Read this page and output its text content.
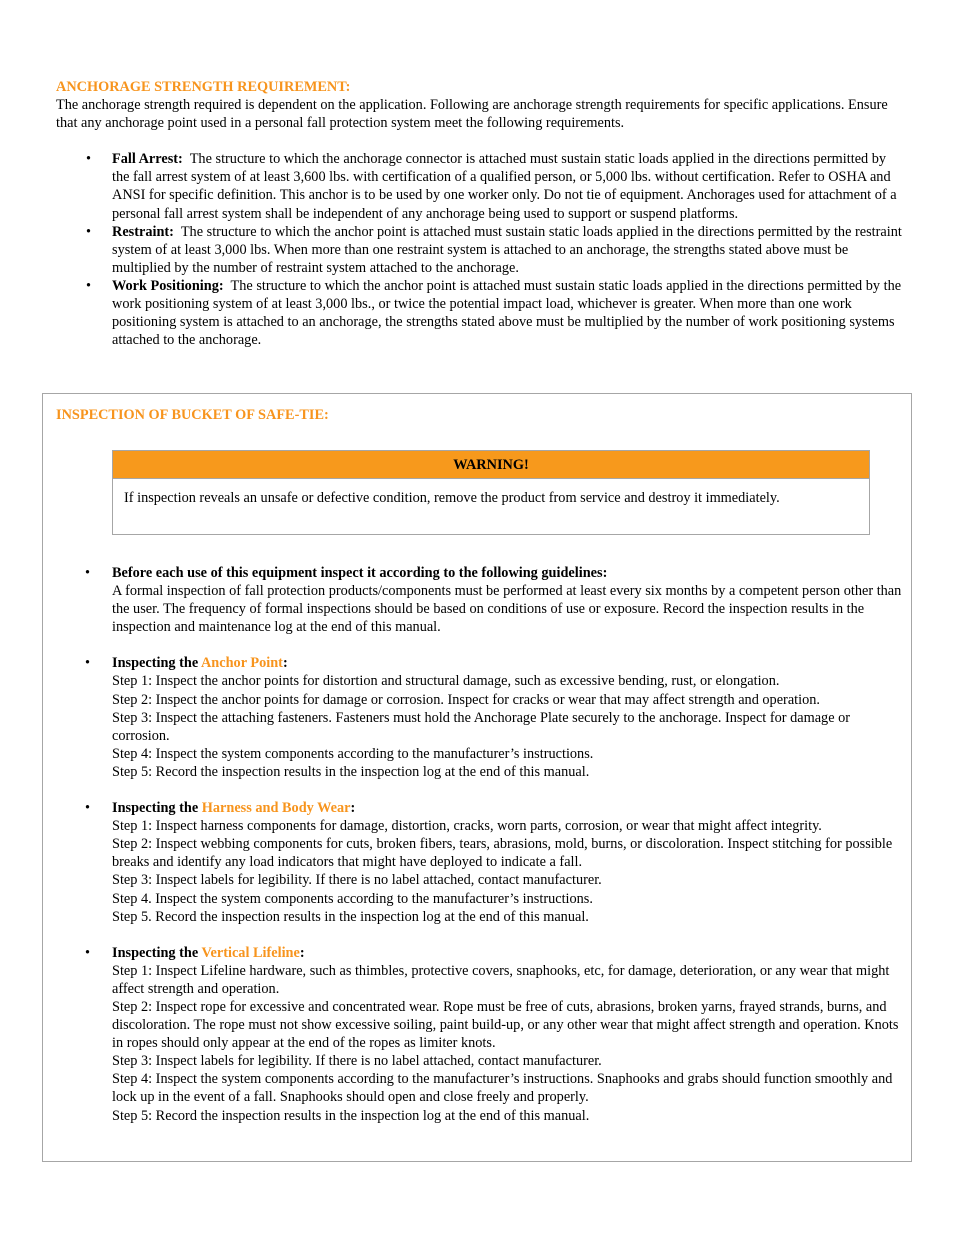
ANCHORAGE STRENGTH REQUIREMENT:

The anchorage strength required is dependent on the application. Following are anchorage strength requirements for specific applications. Ensure that any anchorage point used in a personal fall protection system meet the following requirements.

• Fall Arrest: The structure to which the anchorage connector is attached must sustain static loads applied in the directions permitted by the fall arrest system of at least 3,600 lbs. with certification of a qualified person, or 5,000 lbs. without certification. Refer to OSHA and ANSI for specific definition. This anchor is to be used by one worker only. Do not tie of equipment. Anchorages used for attachment of a personal fall arrest system shall be independent of any anchorage being used to support or suspend platforms.
• Restraint: The structure to which the anchor point is attached must sustain static loads applied in the directions permitted by the restraint system of at least 3,000 lbs. When more than one restraint system is attached to an anchorage, the strengths stated above must be multiplied by the number of restraint system attached to the anchorage.
• Work Positioning: The structure to which the anchor point is attached must sustain static loads applied in the directions permitted by the work positioning system of at least 3,000 lbs., or twice the potential impact load, whichever is greater. When more than one work positioning system is attached to an anchorage, the strengths stated above must be multiplied by the number of work positioning systems attached to the anchorage.

INSPECTION OF BUCKET OF SAFE-TIE:

WARNING!
If inspection reveals an unsafe or defective condition, remove the product from service and destroy it immediately.
• Before each use of this equipment inspect it according to the following guidelines:

A formal inspection of fall protection products/components must be performed at least every six months by a competent person other than the user. The frequency of formal inspections should be based on conditions of use or exposure. Record the inspection results in the inspection and maintenance log at the end of this manual.

• Inspecting the Anchor Point:

Step 1: Inspect the anchor points for distortion and structural damage, such as excessive bending, rust, or elongation.

Step 2: Inspect the anchor points for damage or corrosion. Inspect for cracks or wear that may affect strength and operation.

Step 3: Inspect the attaching fasteners. Fasteners must hold the Anchorage Plate securely to the anchorage. Inspect for damage or corrosion.

Step 4: Inspect the system components according to the manufacturer’s instructions.

Step 5: Record the inspection results in the inspection log at the end of this manual.

• Inspecting the Harness and Body Wear:

Step 1: Inspect harness components for damage, distortion, cracks, worn parts, corrosion, or wear that might affect integrity.

Step 2: Inspect webbing components for cuts, broken fibers, tears, abrasions, mold, burns, or discoloration. Inspect stitching for possible breaks and identify any load indicators that might have deployed to indicate a fall.

Step 3: Inspect labels for legibility. If there is no label attached, contact manufacturer.

Step 4. Inspect the system components according to the manufacturer’s instructions.

Step 5. Record the inspection results in the inspection log at the end of this manual.

• Inspecting the Vertical Lifeline:

Step 1: Inspect Lifeline hardware, such as thimbles, protective covers, snaphooks, etc, for damage, deterioration, or any wear that might affect strength and operation.

Step 2: Inspect rope for excessive and concentrated wear. Rope must be free of cuts, abrasions, broken yarns, frayed strands, burns, and discoloration. The rope must not show excessive soiling, paint build-up, or any other wear that might affect strength and operation. Knots in ropes should only appear at the end of the ropes as limiter knots.

Step 3: Inspect labels for legibility. If there is no label attached, contact manufacturer.

Step 4: Inspect the system components according to the manufacturer’s instructions. Snaphooks and grabs should function smoothly and lock up in the event of a fall. Snaphooks should open and close freely and properly.

Step 5: Record the inspection results in the inspection log at the end of this manual.
